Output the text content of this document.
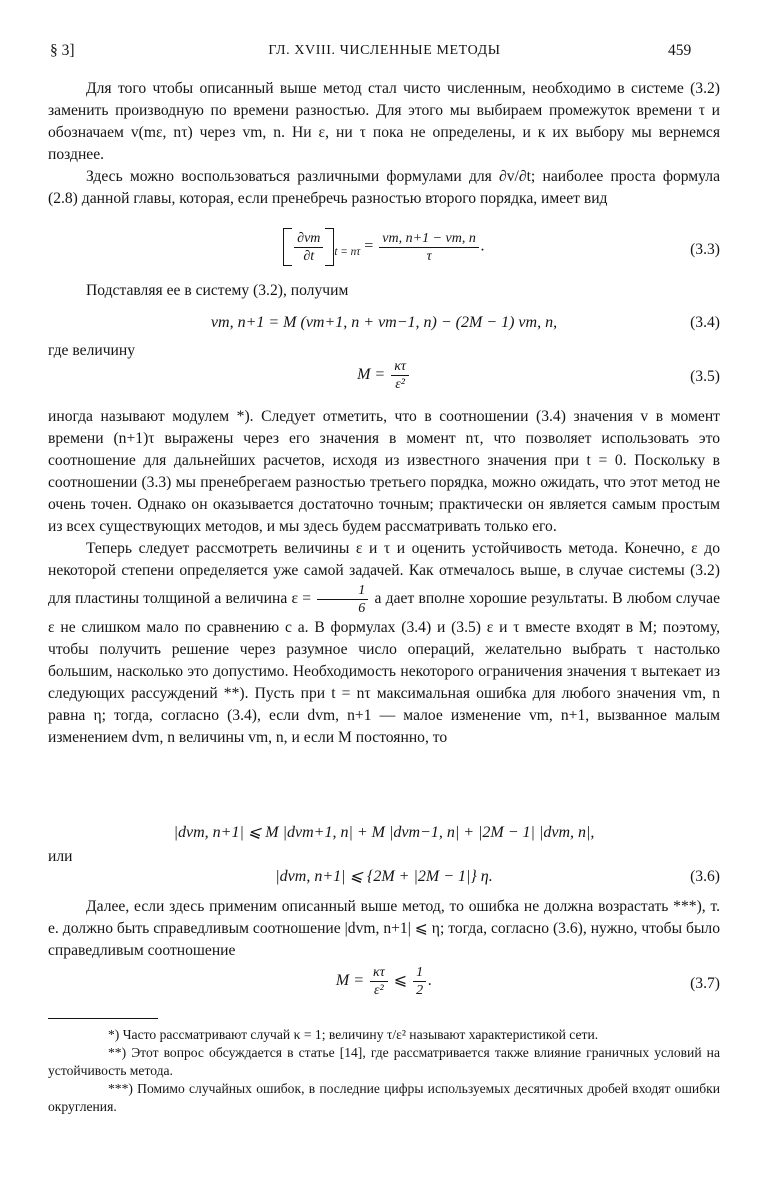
§ 3]	ГЛ. XVIII. ЧИСЛЕННЫЕ МЕТОДЫ	459

Для того чтобы описанный выше метод стал чисто численным, необходимо в системе (3.2) заменить производную по времени разностью. Для этого мы выбираем промежуток времени τ и обозначаем v(mε, nτ) через vm, n. Ни ε, ни τ пока не определены, и к их выбору мы вернемся позднее.

Здесь можно воспользоваться различными формулами для ∂v/∂t; наиболее проста формула (2.8) данной главы, которая, если пренебречь разностью второго порядка, имеет вид

$\frac{\partial vm}{\partial t} _{t = n\tau} = \frac{vm, n+1 - vm, n}{\tau}$ .	(3.3)

Подставляя ее в систему (3.2), получим

vm, n+1 = M (vm+1, n + vm−1, n) − (2M − 1) vm, n,	(3.4)

где величину

$M = \frac{\kappa\tau}{\text{ε²}}$	(3.5)

иногда называют модулем *). Следует отметить, что в соотношении (3.4) значения v в момент времени (n+1)τ выражены через его значения в момент nτ, что позволяет использовать это соотношение для дальнейших расчетов, исходя из известного значения при t = 0. Поскольку в соотношении (3.3) мы пренебрегаем разностью третьего порядка, можно ожидать, что этот метод не очень точен. Однако он оказывается достаточно точным; практически он является самым простым из всех существующих методов, и мы здесь будем рассматривать только его.

Теперь следует рассмотреть величины ε и τ и оценить устойчивость метода. Конечно, ε до некоторой степени определяется уже самой задачей. Как отмечалось выше, в случае системы (3.2) для пластины толщиной a величина $\varepsilon = \frac{1}{6}$ a дает вполне хорошие результаты. В любом случае ε не слишком мало по сравнению с a. В формулах (3.4) и (3.5) ε и τ вместе входят в M; поэтому, чтобы получить решение через разумное число операций, желательно выбрать τ настолько большим, насколько это допустимо. Необходимость некоторого ограничения значения τ вытекает из следующих рассуждений **). Пусть при t = nτ максимальная ошибка для любого значения vm, n равна η; тогда, согласно (3.4), если dvm, n+1 — малое изменение vm, n+1, вызванное малым изменением dvm, n величины vm, n, и если M постоянно, то

|dvm, n+1| ⩽ M |dvm+1, n| + M |dvm−1, n| + |2M − 1| |dvm, n|,

или

|dvm, n+1| ⩽ {2M + |2M − 1|} η.	(3.6)

Далее, если здесь применим описанный выше метод, то ошибка не должна возрастать ***), т. е. должно быть справедливым соотношение |dvm, n+1| ⩽ η; тогда, согласно (3.6), нужно, чтобы было справедливым соотношение

$M = \frac{\kappa\tau}{\text{ε²}}$ ⩽ $\frac{1}{2}$ .	(3.7)

*) Часто рассматривают случай κ = 1; величину τ/ε² называют характеристикой сети.

**) Этот вопрос обсуждается в статье [14], где рассматривается также влияние граничных условий на устойчивость метода.

***) Помимо случайных ошибок, в последние цифры используемых десятичных дробей входят ошибки округления.
